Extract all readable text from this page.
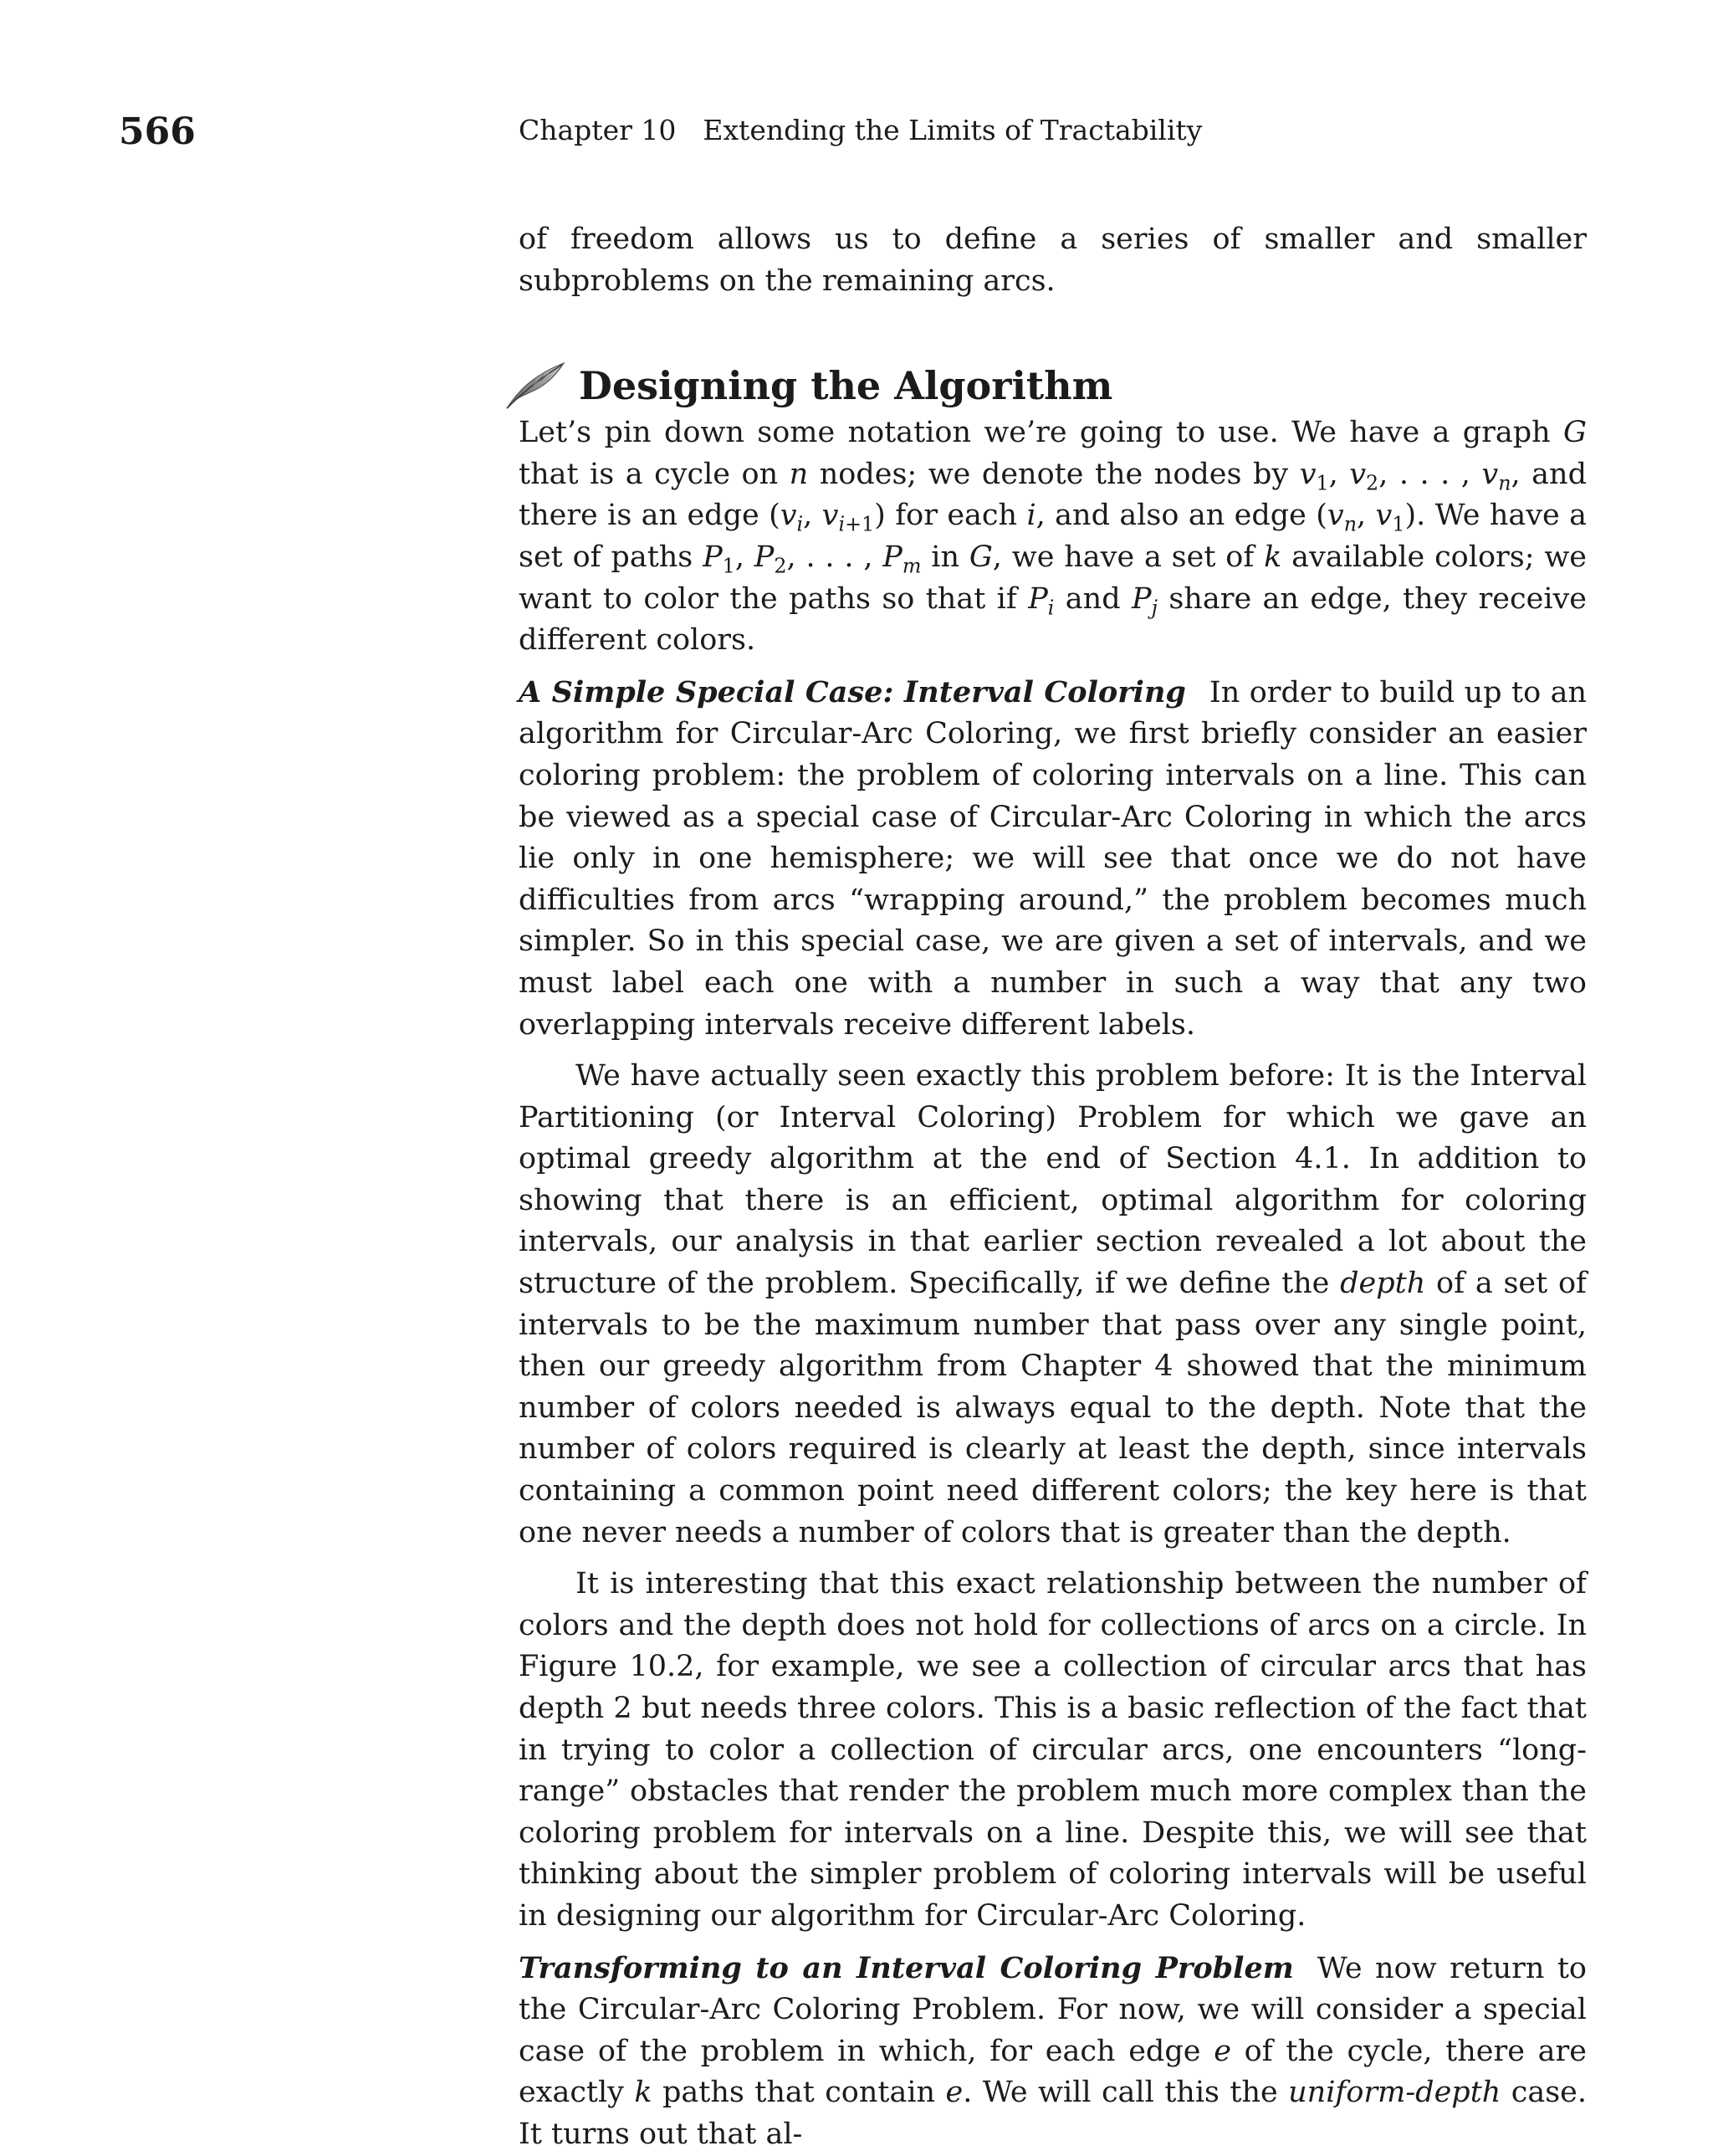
566	Chapter 10 Extending the Limits of Tractability

of freedom allows us to define a series of smaller and smaller subproblems on the remaining arcs.

Designing the Algorithm

Let’s pin down some notation we’re going to use. We have a graph G that is a cycle on n nodes; we denote the nodes by $v_1$, $v_2$, . . . , $v_n$, and there is an edge ($v_i$, $v_{i+1}$) for each i, and also an edge ($v_n$, $v_1$). We have a set of paths $P_1$, $P_2$, . . . , $P_m$ in G, we have a set of k available colors; we want to color the paths so that if $P_i$ and $P_j$ share an edge, they receive different colors.

A Simple Special Case: Interval Coloring In order to build up to an algorithm for Circular-Arc Coloring, we first briefly consider an easier coloring problem: the problem of coloring intervals on a line. This can be viewed as a special case of Circular-Arc Coloring in which the arcs lie only in one hemisphere; we will see that once we do not have difficulties from arcs “wrapping around,” the problem becomes much simpler. So in this special case, we are given a set of intervals, and we must label each one with a number in such a way that any two overlapping intervals receive different labels.

We have actually seen exactly this problem before: It is the Interval Partitioning (or Interval Coloring) Problem for which we gave an optimal greedy algorithm at the end of Section 4.1. In addition to showing that there is an efficient, optimal algorithm for coloring intervals, our analysis in that earlier section revealed a lot about the structure of the problem. Specifically, if we define the depth of a set of intervals to be the maximum number that pass over any single point, then our greedy algorithm from Chapter 4 showed that the minimum number of colors needed is always equal to the depth. Note that the number of colors required is clearly at least the depth, since intervals containing a common point need different colors; the key here is that one never needs a number of colors that is greater than the depth.

It is interesting that this exact relationship between the number of colors and the depth does not hold for collections of arcs on a circle. In Figure 10.2, for example, we see a collection of circular arcs that has depth 2 but needs three colors. This is a basic reflection of the fact that in trying to color a collection of circular arcs, one encounters “long-range” obstacles that render the problem much more complex than the coloring problem for intervals on a line. Despite this, we will see that thinking about the simpler problem of coloring intervals will be useful in designing our algorithm for Circular-Arc Coloring.

Transforming to an Interval Coloring Problem We now return to the Circular-Arc Coloring Problem. For now, we will consider a special case of the problem in which, for each edge e of the cycle, there are exactly k paths that contain e. We will call this the uniform-depth case. It turns out that al-
